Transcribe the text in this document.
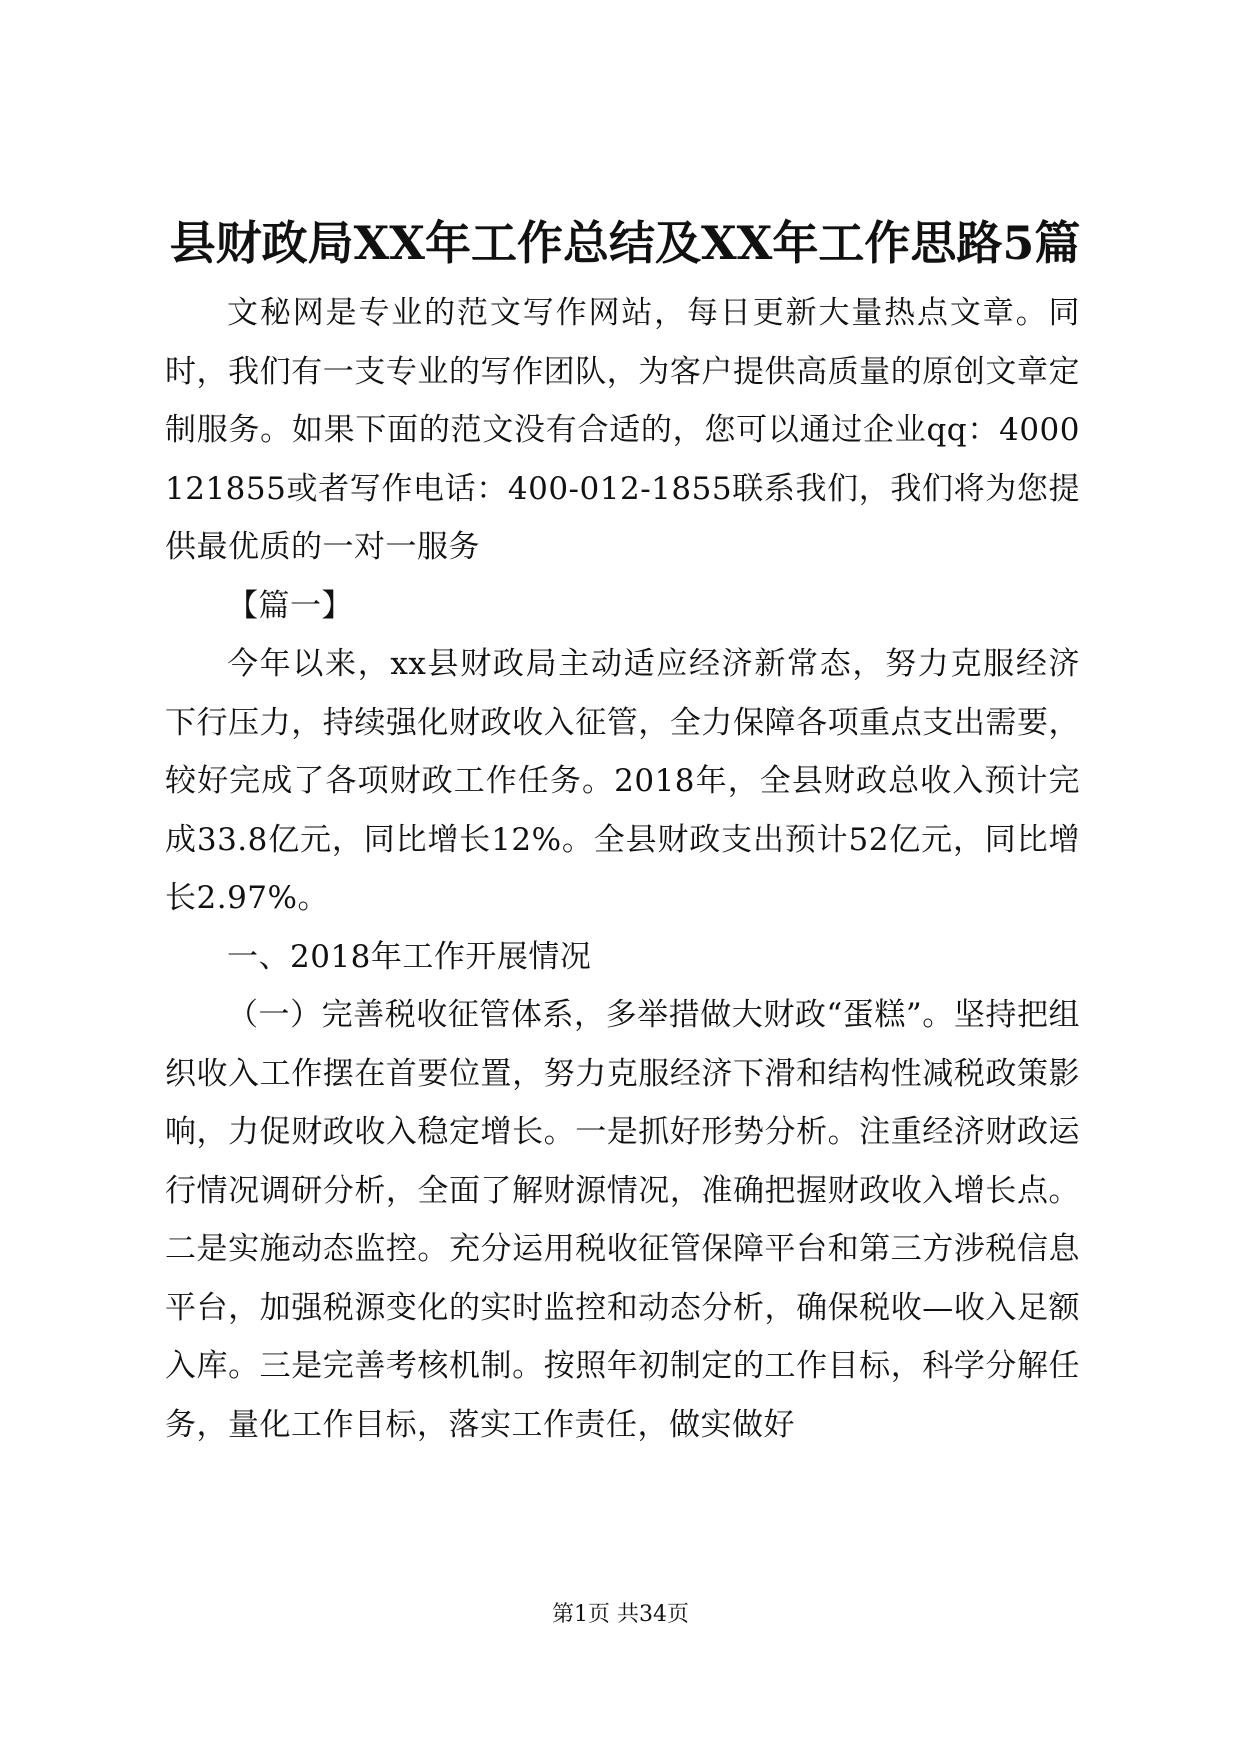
县财政局XX年工作总结及XX年工作思路5篇

文秘网是专业的范文写作网站，每日更新大量热点文章。同时，我们有一支专业的写作团队，为客户提供高质量的原创文章定制服务。如果下面的范文没有合适的，您可以通过企业qq：4000121855或者写作电话：400-012-1855联系我们，我们将为您提供最优质的一对一服务

【篇一】

今年以来，xx县财政局主动适应经济新常态，努力克服经济下行压力，持续强化财政收入征管，全力保障各项重点支出需要，较好完成了各项财政工作任务。2018年，全县财政总收入预计完成33.8亿元，同比增长12%。全县财政支出预计52亿元，同比增长2.97%。

一、2018年工作开展情况

（一）完善税收征管体系，多举措做大财政“蛋糕”。坚持把组织收入工作摆在首要位置，努力克服经济下滑和结构性减税政策影响，力促财政收入稳定增长。一是抓好形势分析。注重经济财政运行情况调研分析，全面了解财源情况，准确把握财政收入增长点。二是实施动态监控。充分运用税收征管保障平台和第三方涉税信息平台，加强税源变化的实时监控和动态分析，确保税收—收入足额入库。三是完善考核机制。按照年初制定的工作目标，科学分解任务，量化工作目标，落实工作责任，做实做好

第1页 共34页
